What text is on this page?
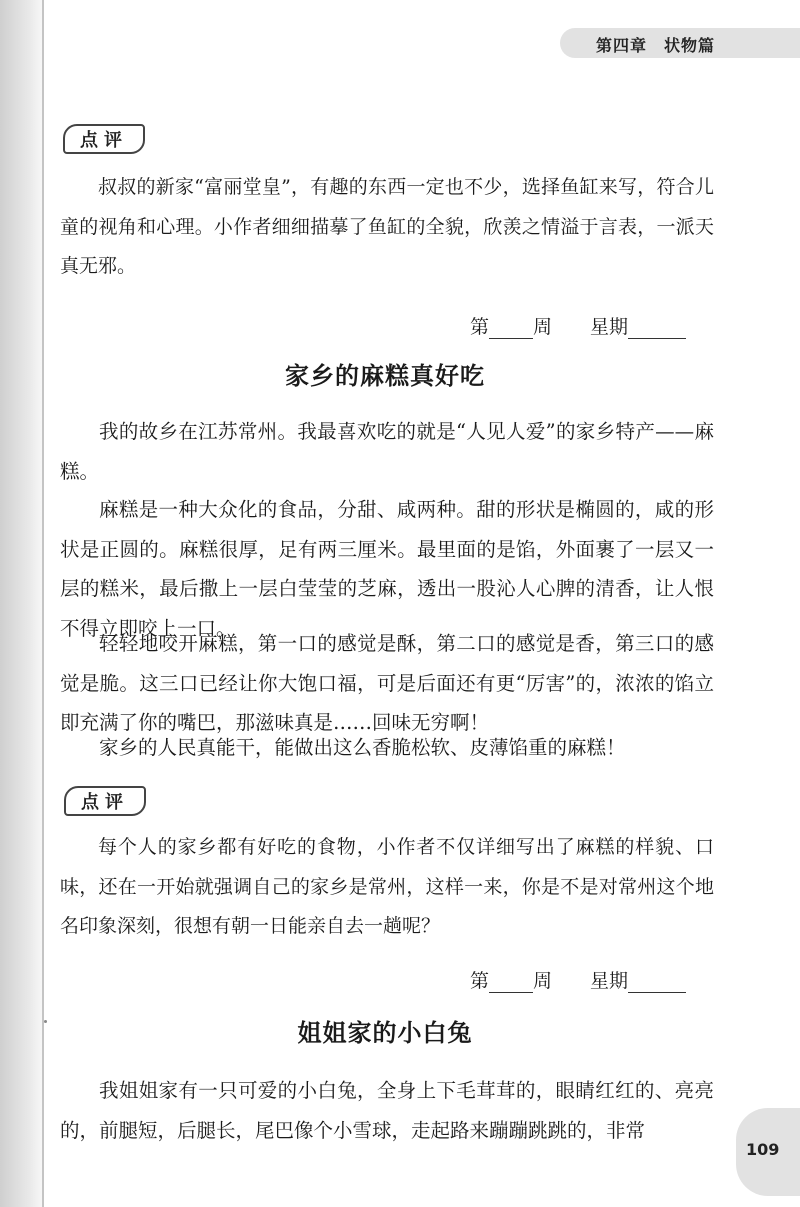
第四章　状物篇
点评
叔叔的新家“富丽堂皇”，有趣的东西一定也不少，选择鱼缸来写，符合儿童的视角和心理。小作者细细描摹了鱼缸的全貌，欣羡之情溢于言表，一派天真无邪。
第 周 星期
家乡的麻糕真好吃
我的故乡在江苏常州。我最喜欢吃的就是“人见人爱”的家乡特产——麻糕。
麻糕是一种大众化的食品，分甜、咸两种。甜的形状是椭圆的，咸的形状是正圆的。麻糕很厚，足有两三厘米。最里面的是馅，外面裹了一层又一层的糕米，最后撒上一层白莹莹的芝麻，透出一股沁人心脾的清香，让人恨不得立即咬上一口。
轻轻地咬开麻糕，第一口的感觉是酥，第二口的感觉是香，第三口的感觉是脆。这三口已经让你大饱口福，可是后面还有更“厉害”的，浓浓的馅立即充满了你的嘴巴，那滋味真是……回味无穷啊！
家乡的人民真能干，能做出这么香脆松软、皮薄馅重的麻糕！
点评
每个人的家乡都有好吃的食物，小作者不仅详细写出了麻糕的样貌、口味，还在一开始就强调自己的家乡是常州，这样一来，你是不是对常州这个地名印象深刻，很想有朝一日能亲自去一趟呢？
第 周 星期
姐姐家的小白兔
我姐姐家有一只可爱的小白兔，全身上下毛茸茸的，眼睛红红的、亮亮的，前腿短，后腿长，尾巴像个小雪球，走起路来蹦蹦跳跳的，非常
109
